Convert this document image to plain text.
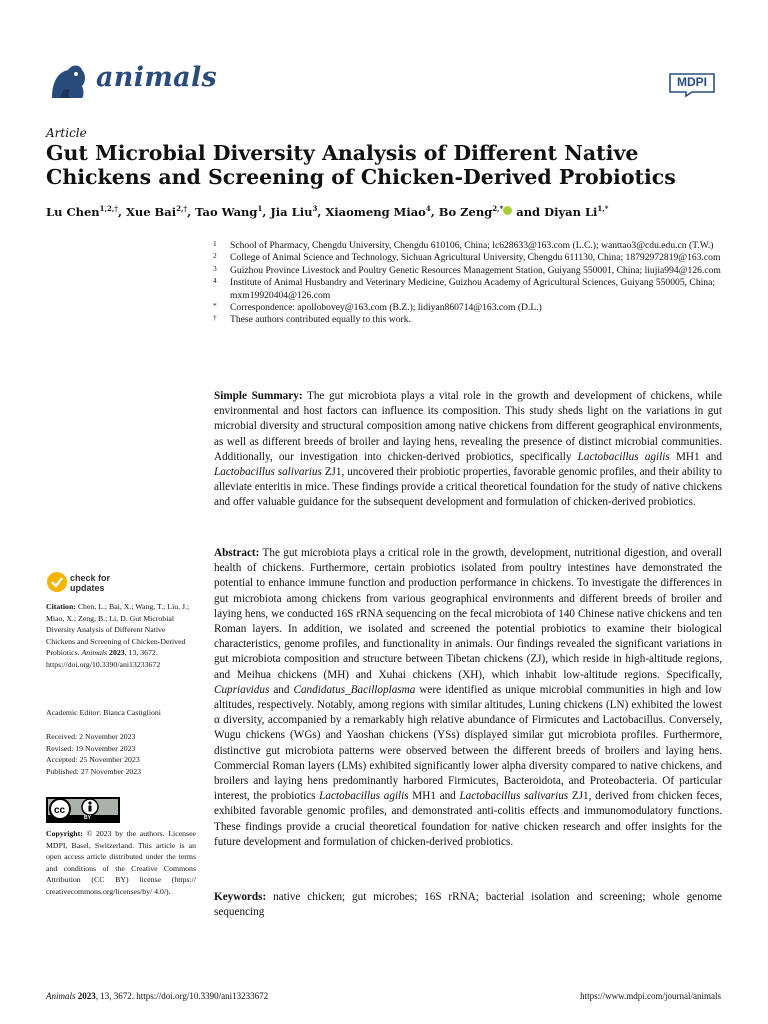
animals	MDPI
Article
Gut Microbial Diversity Analysis of Different Native Chickens and Screening of Chicken-Derived Probiotics
Lu Chen$^{1,2,\dagger}$, Xue Bai$^{2,\dagger}$, Tao Wang$^1$, Jia Liu$^3$, Xiaomeng Miao$^4$, Bo Zeng$^{2,*}$ and Diyan $Li^{1,*}$
1 School of Pharmacy, Chengdu University, Chengdu 610106, China; lc628633@163.com (L.C.); wanttao3@cdu.edu.cn (T.W.)
2 College of Animal Science and Technology, Sichuan Agricultural University, Chengdu 611130, China; 18792972819@163.com
3 Guizhou Province Livestock and Poultry Genetic Resources Management Station, Guiyang 550001, China; liujia994@126.com
4 Institute of Animal Husbandry and Veterinary Medicine, Guizhou Academy of Agricultural Sciences, Guiyang 550005, China; mxm19920404@126.com
* Correspondence: apollobovey@163.com (B.Z.); lidiyan860714@163.com (D.L.)
† These authors contributed equally to this work.
Simple Summary: The gut microbiota plays a vital role in the growth and development of chickens, while environmental and host factors can influence its composition. This study sheds light on the variations in gut microbial diversity and structural composition among native chickens from different geographical environments, as well as different breeds of broiler and laying hens, revealing the presence of distinct microbial communities. Additionally, our investigation into chicken-derived probiotics, specifically Lactobacillus agilis MH1 and Lactobacillus salivarius ZJ1, uncovered their probiotic properties, favorable genomic profiles, and their ability to alleviate enteritis in mice. These findings provide a critical theoretical foundation for the study of native chickens and offer valuable guidance for the subsequent development and formulation of chicken-derived probiotics.
Abstract: The gut microbiota plays a critical role in the growth, development, nutritional digestion, and overall health of chickens. Furthermore, certain probiotics isolated from poultry intestines have demonstrated the potential to enhance immune function and production performance in chickens. To investigate the differences in gut microbiota among chickens from various geographical environments and different breeds of broiler and laying hens, we conducted 16S rRNA sequencing on the fecal microbiota of 140 Chinese native chickens and ten Roman layers. In addition, we isolated and screened the potential probiotics to examine their biological characteristics, genome profiles, and functionality in animals. Our findings revealed the significant variations in gut microbiota composition and structure between Tibetan chickens (ZJ), which reside in high-altitude regions, and Meihua chickens (MH) and Xuhai chickens (XH), which inhabit low-altitude regions. Specifically, Cupriavidus and Candidatus_Bacilloplasma were identified as unique microbial communities in high and low altitudes, respectively. Notably, among regions with similar altitudes, Luning chickens (LN) exhibited the lowest α diversity, accompanied by a remarkably high relative abundance of Firmicutes and Lactobacillus. Conversely, Wugu chickens (WGs) and Yaoshan chickens (YSs) displayed similar gut microbiota profiles. Furthermore, distinctive gut microbiota patterns were observed between the different breeds of broilers and laying hens. Commercial Roman layers (LMs) exhibited significantly lower alpha diversity compared to native chickens, and broilers and laying hens predominantly harbored Firmicutes, Bacteroidota, and Proteobacteria. Of particular interest, the probiotics Lactobacillus agilis MH1 and Lactobacillus salivarius ZJ1, derived from chicken feces, exhibited favorable genomic profiles, and demonstrated anti-colitis effects and immunomodulatory functions. These findings provide a crucial theoretical foundation for native chicken research and offer insights for the future development and formulation of chicken-derived probiotics.
Keywords: native chicken; gut microbes; 16S rRNA; bacterial isolation and screening; whole genome sequencing
check for
updates
Citation: Chen, L.; Bai, X.; Wang, T.; Liu, J.; Miao, X.; Zeng, B.; Li, D. Gut Microbial Diversity Analysis of Different Native Chickens and Screening of Chicken-Derived Probiotics. Animals 2023, 13, 3672. https://doi.org/10.3390/ani13233672
Academic Editor: Bianca Castiglioni
Received: 2 November 2023
Revised: 19 November 2023
Accepted: 25 November 2023
Published: 27 November 2023
cc
BY
Copyright: © 2023 by the authors. Licensee MDPI, Basel, Switzerland. This article is an open access article distributed under the terms and conditions of the Creative Commons Attribution (CC BY) license (https:// creativecommons.org/licenses/by/ 4.0/).
Animals 2023, 13, 3672. https://doi.org/10.3390/ani13233672	https://www.mdpi.com/journal/animals
